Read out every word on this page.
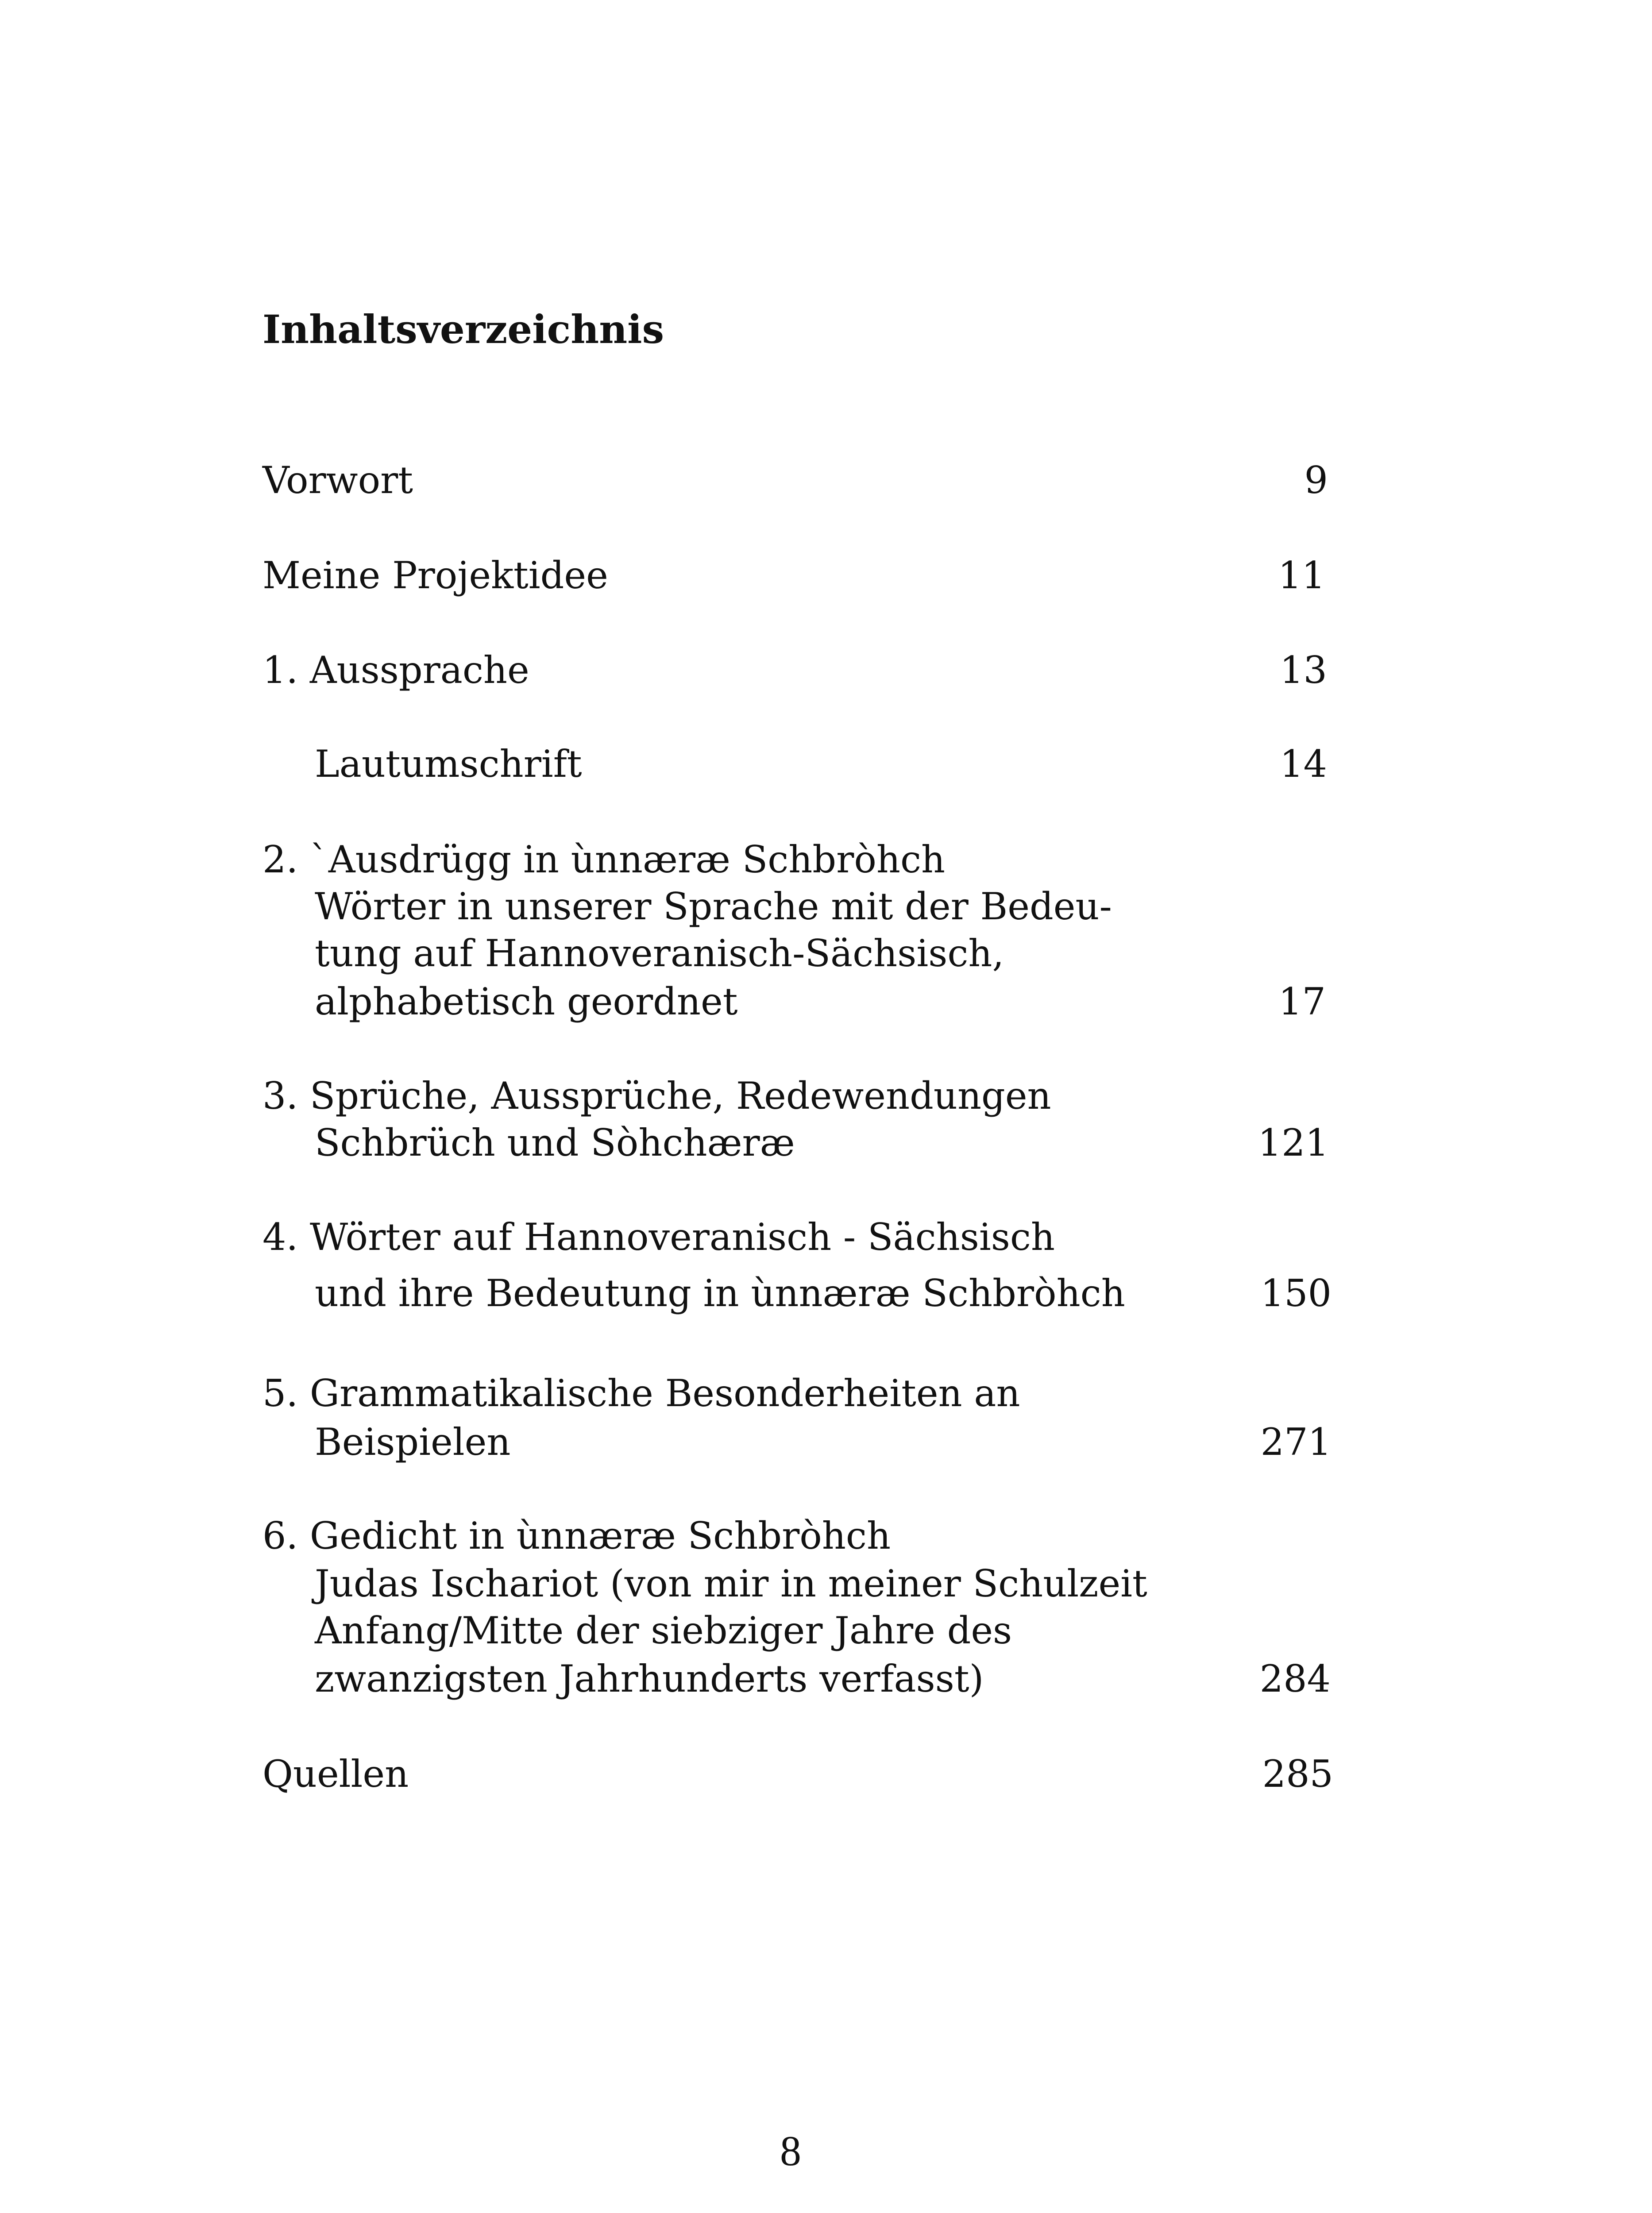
Inhaltsverzeichnis
Vorwort	9
Meine Projektidee	11
1. Aussprache	13
Lautumschrift	14
2. `Ausdrügg in ùnnæræ Schbròhch
Wörter in unserer Sprache mit der Bedeu-
tung auf Hannoveranisch-Sächsisch,
alphabetisch geordnet	17
3. Sprüche, Aussprüche, Redewendungen
Schbrüch und Sòhchæræ	121
4. Wörter auf Hannoveranisch - Sächsisch
und ihre Bedeutung in ùnnæræ Schbròhch	150
5. Grammatikalische Besonderheiten an
Beispielen	271
6. Gedicht in ùnnæræ Schbròhch
Judas Ischariot (von mir in meiner Schulzeit
Anfang/Mitte der siebziger Jahre des
zwanzigsten Jahrhunderts verfasst)	284
Quellen	285
8
